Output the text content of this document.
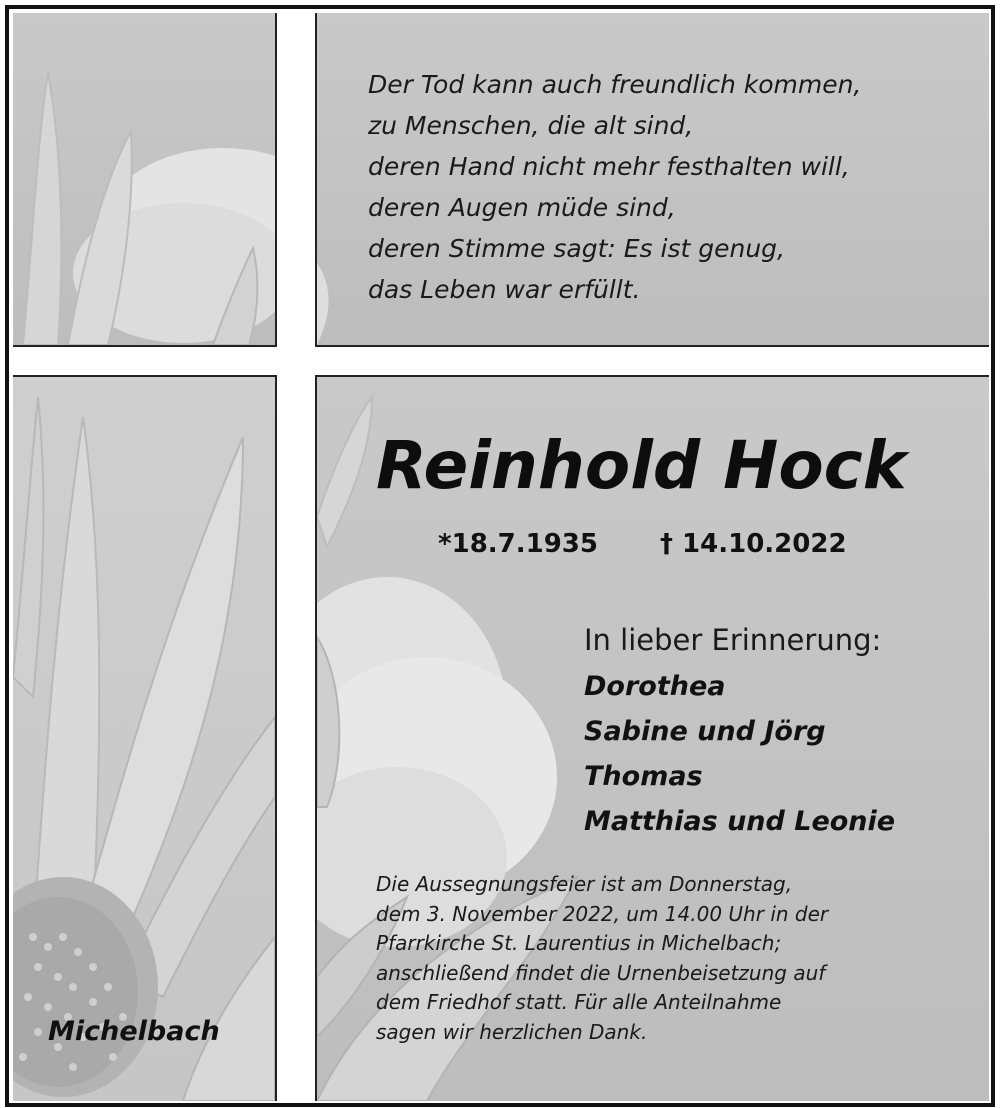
Der Tod kann auch freundlich kommen,
zu Menschen, die alt sind,
deren Hand nicht mehr festhalten will,
deren Augen müde sind,
deren Stimme sagt: Es ist genug,
das Leben war erfüllt.

Reinhold Hock
*18.7.1935 † 14.10.2022
In lieber Erinnerung:
Dorothea
Sabine und Jörg
Thomas
Matthias und Leonie

Die Aussegnungsfeier ist am Donnerstag,
dem 3. November 2022, um 14.00 Uhr in der
Pfarrkirche St. Laurentius in Michelbach;
anschließend findet die Urnenbeisetzung auf
dem Friedhof statt. Für alle Anteilnahme
sagen wir herzlichen Dank.

Michelbach
